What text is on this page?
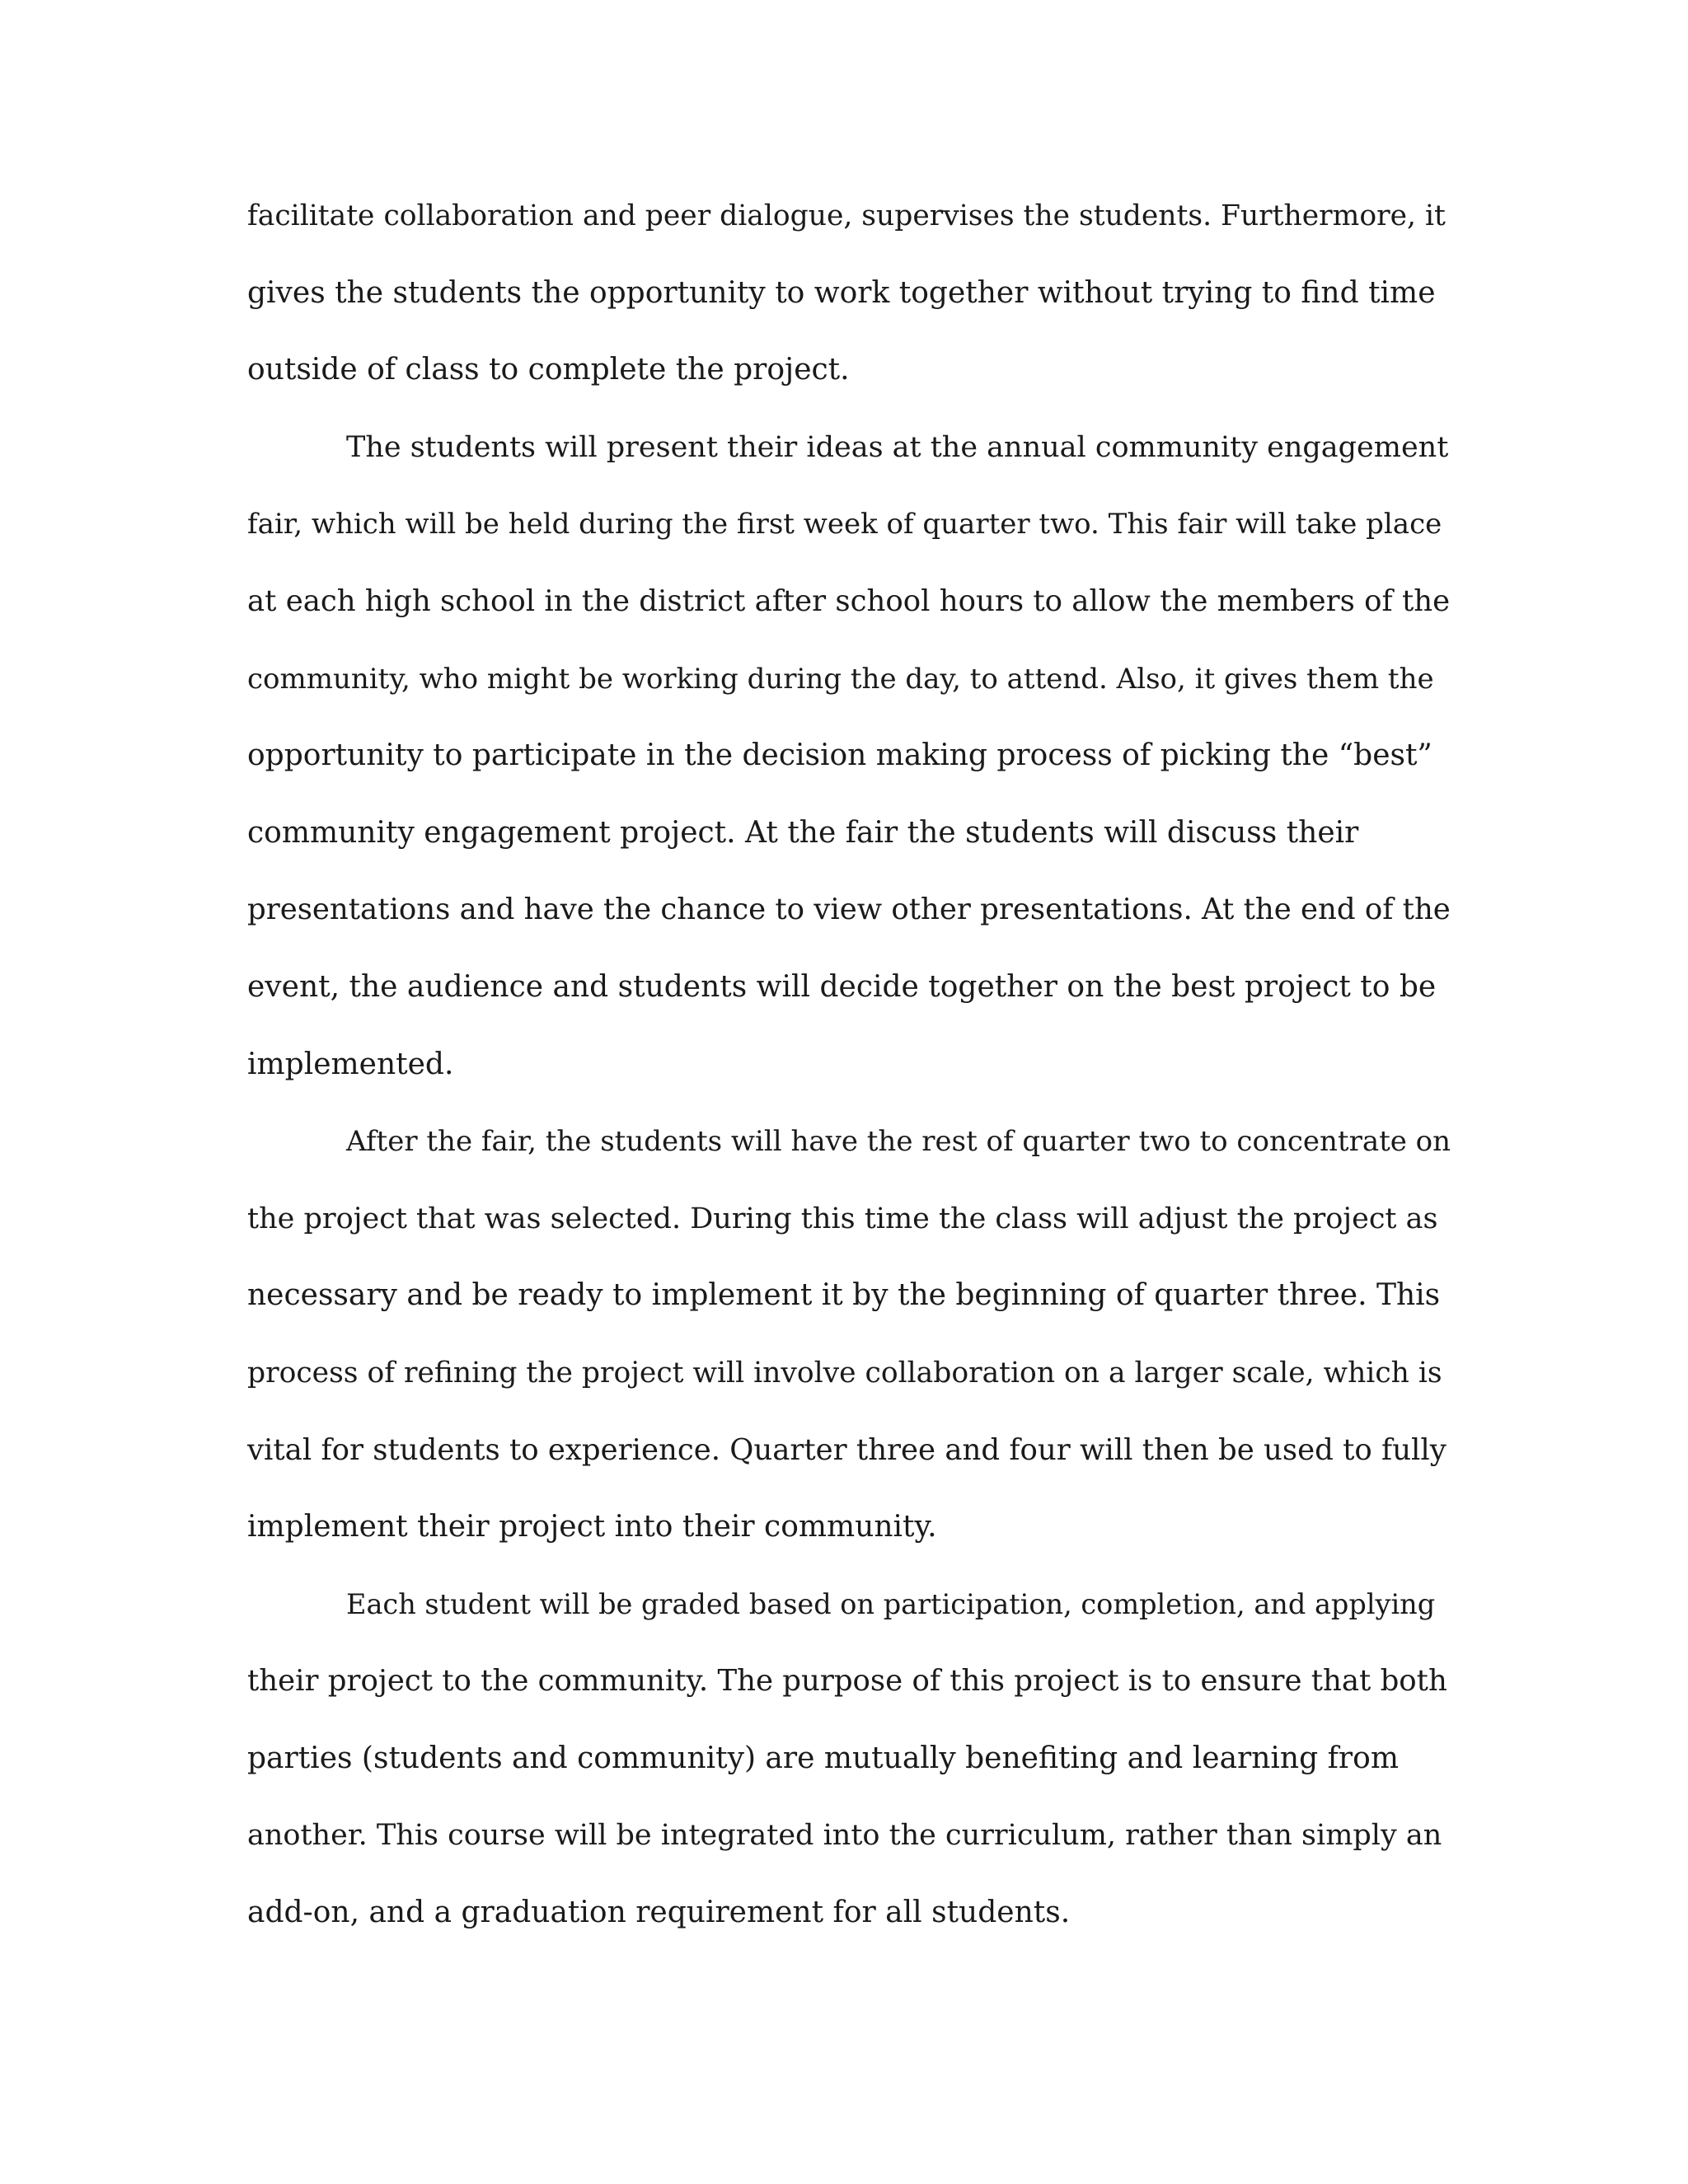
facilitate collaboration and peer dialogue, supervises the students. Furthermore, it
gives the students the opportunity to work together without trying to find time
outside of class to complete the project.
The students will present their ideas at the annual community engagement
fair, which will be held during the first week of quarter two. This fair will take place
at each high school in the district after school hours to allow the members of the
community, who might be working during the day, to attend. Also, it gives them the
opportunity to participate in the decision making process of picking the “best”
community engagement project. At the fair the students will discuss their
presentations and have the chance to view other presentations. At the end of the
event, the audience and students will decide together on the best project to be
implemented.
After the fair, the students will have the rest of quarter two to concentrate on
the project that was selected. During this time the class will adjust the project as
necessary and be ready to implement it by the beginning of quarter three. This
process of refining the project will involve collaboration on a larger scale, which is
vital for students to experience. Quarter three and four will then be used to fully
implement their project into their community.
Each student will be graded based on participation, completion, and applying
their project to the community. The purpose of this project is to ensure that both
parties (students and community) are mutually benefiting and learning from
another. This course will be integrated into the curriculum, rather than simply an
add-on, and a graduation requirement for all students.
